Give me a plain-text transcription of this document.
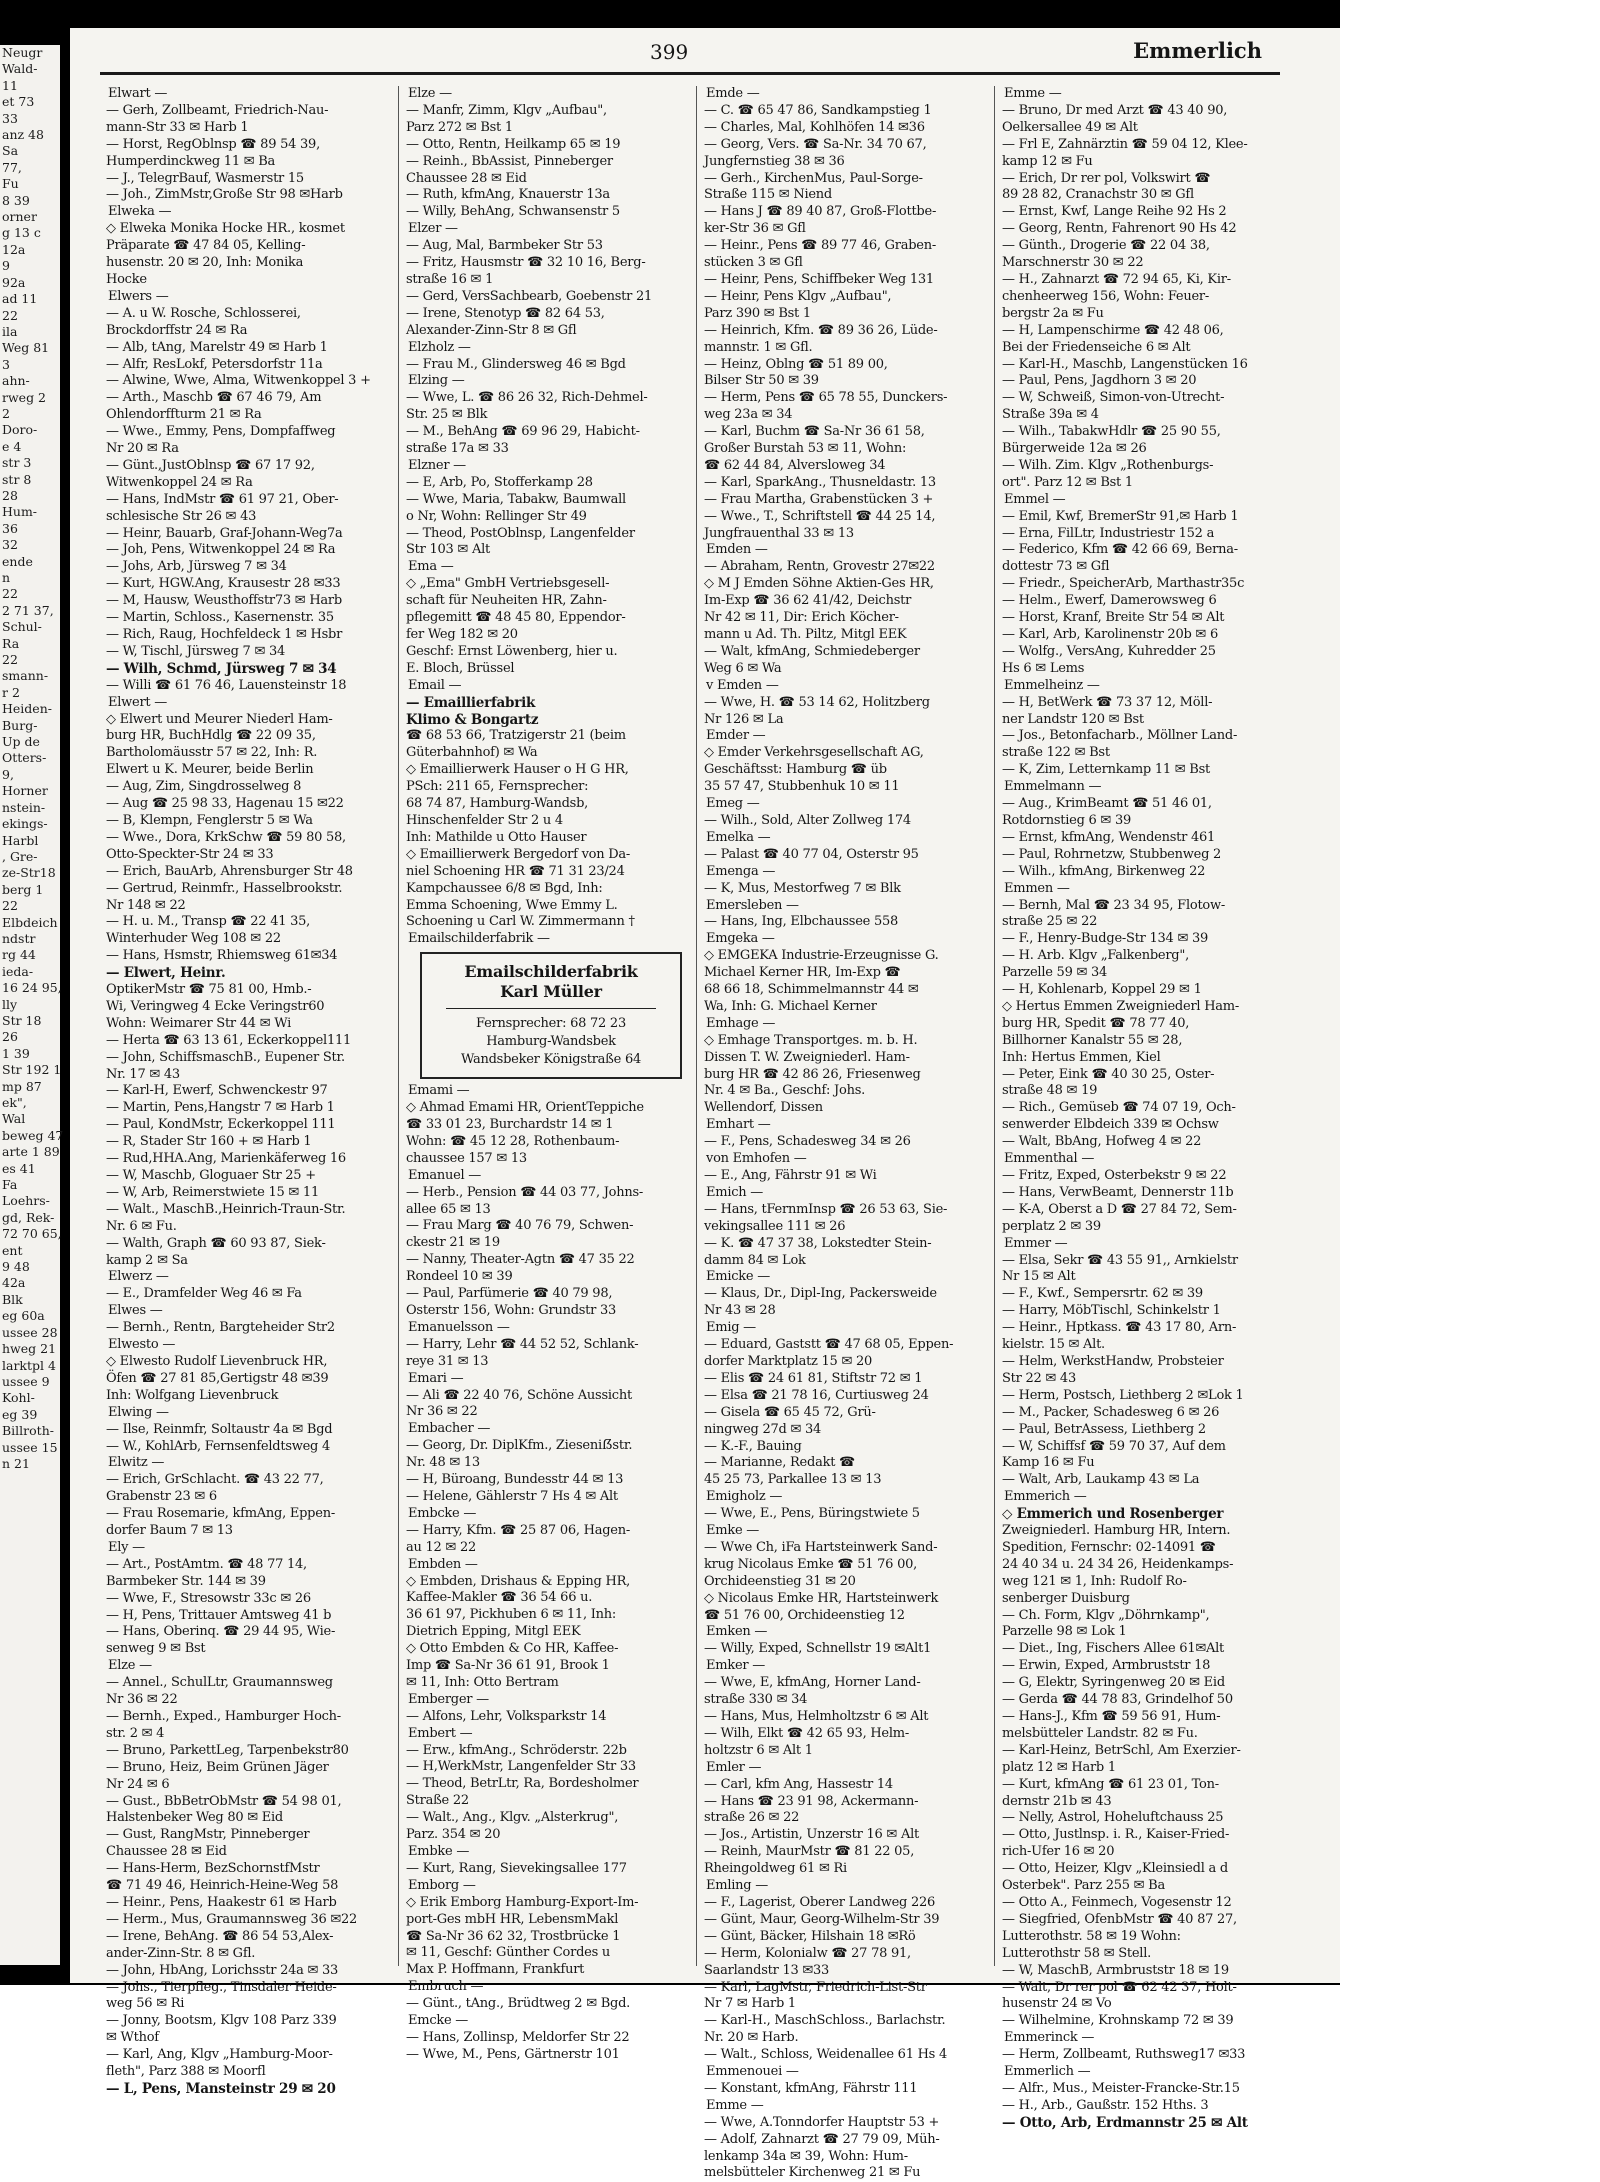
Neugr
Wald-
11
et 73
33
anz 48
Sa
77,
Fu
8 39
orner
g 13 c
12a
9
92a
ad 11
22
ila
Weg 81
3
ahn-
rweg 2
2
Doro-
e 4
str 3
str 8
28
Hum-
36
32
ende
n
22
2 71 37,
Schul-
Ra
22
smann-
r 2
Heiden-
Burg-
Up de
Otters-
9,
Horner
nstein-
ekings-
Harbl
, Gre-
ze-Str18
berg 1
22
Elbdeich
ndstr
rg 44
ieda-
16 24 95,
lly
Str 18
26
1 39
Str 192 1
mp 87
ek",
Wal
beweg 47
arte 1 89
es 41
Fa
Loehrs-
gd, Rek-
72 70 65,
ent
9 48
42a
Blk
eg 60a
ussee 28
hweg 21
larktpl 4
ussee 9
Kohl-
eg 39
Billroth-
ussee 15
n 21
399	Emmerlich
Elwart —
— Gerh, Zollbeamt, Friedrich-Nau-
mann-Str 33 ✉ Harb 1
— Horst, RegOblnsp ☎ 89 54 39,
Humperdinckweg 11 ✉ Ba
— J., TelegrBauf, Wasmerstr 15
— Joh., ZimMstr,Große Str 98 ✉Harb
Elweka —
◇ Elweka Monika Hocke HR., kosmet
Präparate ☎ 47 84 05, Kelling-
husenstr. 20 ✉ 20, Inh: Monika
Hocke
Elwers —
— A. u W. Rosche, Schlosserei,
Brockdorffstr 24 ✉ Ra
— Alb, tAng, Marelstr 49 ✉ Harb 1
— Alfr, ResLokf, Petersdorfstr 11a
— Alwine, Wwe, Alma, Witwenkoppel 3 +
— Arth., Maschb ☎ 67 46 79, Am
Ohlendorffturm 21 ✉ Ra
— Wwe., Emmy, Pens, Dompfaffweg
Nr 20 ✉ Ra
— Günt.,JustOblnsp ☎ 67 17 92,
Witwenkoppel 24 ✉ Ra
— Hans, IndMstr ☎ 61 97 21, Ober-
schlesische Str 26 ✉ 43
— Heinr, Bauarb, Graf-Johann-Weg7a
— Joh, Pens, Witwenkoppel 24 ✉ Ra
— Johs, Arb, Jürsweg 7 ✉ 34
— Kurt, HGW.Ang, Krausestr 28 ✉33
— M, Hausw, Weusthoffstr73 ✉ Harb
— Martin, Schloss., Kasernenstr. 35
— Rich, Raug, Hochfeldeck 1 ✉ Hsbr
— W, Tischl, Jürsweg 7 ✉ 34
— Wilh, Schmd, Jürsweg 7 ✉ 34
— Willi ☎ 61 76 46, Lauensteinstr 18
Elwert —
◇ Elwert und Meurer Niederl Ham-
burg HR, BuchHdlg ☎ 22 09 35,
Bartholomäusstr 57 ✉ 22, Inh: R.
Elwert u K. Meurer, beide Berlin
— Aug, Zim, Singdrosselweg 8
— Aug ☎ 25 98 33, Hagenau 15 ✉22
— B, Klempn, Fenglerstr 5 ✉ Wa
— Wwe., Dora, KrkSchw ☎ 59 80 58,
Otto-Speckter-Str 24 ✉ 33
— Erich, BauArb, Ahrensburger Str 48
— Gertrud, Reinmfr., Hasselbrookstr.
Nr 148 ✉ 22
— H. u. M., Transp ☎ 22 41 35,
Winterhuder Weg 108 ✉ 22
— Hans, Hsmstr, Rhiemsweg 61✉34
— Elwert, Heinr.
OptikerMstr ☎ 75 81 00, Hmb.-
Wi, Veringweg 4 Ecke Veringstr60
Wohn: Weimarer Str 44 ✉ Wi
— Herta ☎ 63 13 61, Eckerkoppel111
— John, SchiffsmaschB., Eupener Str.
Nr. 17 ✉ 43
— Karl-H, Ewerf, Schwenckestr 97
— Martin, Pens,Hangstr 7 ✉ Harb 1
— Paul, KondMstr, Eckerkoppel 111
— R, Stader Str 160 + ✉ Harb 1
— Rud,HHA.Ang, Marienkäferweg 16
— W, Maschb, Gloguaer Str 25 +
— W, Arb, Reimerstwiete 15 ✉ 11
— Walt., MaschB.,Heinrich-Traun-Str.
Nr. 6 ✉ Fu.
— Walth, Graph ☎ 60 93 87, Siek-
kamp 2 ✉ Sa
Elwerz —
— E., Dramfelder Weg 46 ✉ Fa
Elwes —
— Bernh., Rentn, Bargteheider Str2
Elwesto —
◇ Elwesto Rudolf Lievenbruck HR,
Öfen ☎ 27 81 85,Gertigstr 48 ✉39
Inh: Wolfgang Lievenbruck
Elwing —
— Ilse, Reinmfr, Soltaustr 4a ✉ Bgd
— W., KohlArb, Fernsenfeldtsweg 4
Elwitz —
— Erich, GrSchlacht. ☎ 43 22 77,
Grabenstr 23 ✉ 6
— Frau Rosemarie, kfmAng, Eppen-
dorfer Baum 7 ✉ 13
Ely —
— Art., PostAmtm. ☎ 48 77 14,
Barmbeker Str. 144 ✉ 39
— Wwe, F., Stresowstr 33c ✉ 26
— H, Pens, Trittauer Amtsweg 41 b
— Hans, Oberinq. ☎ 29 44 95, Wie-
senweg 9 ✉ Bst
Elze —
— Annel., SchulLtr, Graumannsweg
Nr 36 ✉ 22
— Bernh., Exped., Hamburger Hoch-
str. 2 ✉ 4
— Bruno, ParkettLeg, Tarpenbekstr80
— Bruno, Heiz, Beim Grünen Jäger
Nr 24 ✉ 6
— Gust., BbBetrObMstr ☎ 54 98 01,
Halstenbeker Weg 80 ✉ Eid
— Gust, RangMstr, Pinneberger
Chaussee 28 ✉ Eid
— Hans-Herm, BezSchornstfMstr
☎ 71 49 46, Heinrich-Heine-Weg 58
— Heinr., Pens, Haakestr 61 ✉ Harb
— Herm., Mus, Graumannsweg 36 ✉22
— Irene, BehAng. ☎ 86 54 53,Alex-
ander-Zinn-Str. 8 ✉ Gfl.
— John, HbAng, Lorichsstr 24a ✉ 33
— Johs., Tierpfleg., Tinsdaler Heide-
weg 56 ✉ Ri
— Jonny, Bootsm, Klgv 108 Parz 339
✉ Wthof
— Karl, Ang, Klgv „Hamburg-Moor-
fleth", Parz 388 ✉ Moorfl
— L, Pens, Mansteinstr 29 ✉ 20
Elze —
— Manfr, Zimm, Klgv „Aufbau",
Parz 272 ✉ Bst 1
— Otto, Rentn, Heilkamp 65 ✉ 19
— Reinh., BbAssist, Pinneberger
Chaussee 28 ✉ Eid
— Ruth, kfmAng, Knauerstr 13a
— Willy, BehAng, Schwansenstr 5
Elzer —
— Aug, Mal, Barmbeker Str 53
— Fritz, Hausmstr ☎ 32 10 16, Berg-
straße 16 ✉ 1
— Gerd, VersSachbearb, Goebenstr 21
— Irene, Stenotyp ☎ 82 64 53,
Alexander-Zinn-Str 8 ✉ Gfl
Elzholz —
— Frau M., Glindersweg 46 ✉ Bgd
Elzing —
— Wwe, L. ☎ 86 26 32, Rich-Dehmel-
Str. 25 ✉ Blk
— M., BehAng ☎ 69 96 29, Habicht-
straße 17a ✉ 33
Elzner —
— E, Arb, Po, Stofferkamp 28
— Wwe, Maria, Tabakw, Baumwall
o Nr, Wohn: Rellinger Str 49
— Theod, PostOblnsp, Langenfelder
Str 103 ✉ Alt
Ema —
◇ „Ema" GmbH Vertriebsgesell-
schaft für Neuheiten HR, Zahn-
pflegemitt ☎ 48 45 80, Eppendor-
fer Weg 182 ✉ 20
Geschf: Ernst Löwenberg, hier u.
E. Bloch, Brüssel
Email —
— Emaillierfabrik
Klimo & Bongartz
☎ 68 53 66, Tratzigerstr 21 (beim
Güterbahnhof) ✉ Wa
◇ Emaillierwerk Hauser o H G HR,
PSch: 211 65, Fernsprecher:
68 74 87, Hamburg-Wandsb,
Hinschenfelder Str 2 u 4
Inh: Mathilde u Otto Hauser
◇ Emaillierwerk Bergedorf von Da-
niel Schoening HR ☎ 71 31 23/24
Kampchaussee 6/8 ✉ Bgd, Inh:
Emma Schoening, Wwe Emmy L.
Schoening u Carl W. Zimmermann †
Emailschilderfabrik —
Emailschilderfabrik
Karl Müller
Fernsprecher: 68 72 23
Hamburg-Wandsbek
Wandsbeker Königstraße 64
Emami —
◇ Ahmad Emami HR, OrientTeppiche
☎ 33 01 23, Burchardstr 14 ✉ 1
Wohn: ☎ 45 12 28, Rothenbaum-
chaussee 157 ✉ 13
Emanuel —
— Herb., Pension ☎ 44 03 77, Johns-
allee 65 ✉ 13
— Frau Marg ☎ 40 76 79, Schwen-
ckestr 21 ✉ 19
— Nanny, Theater-Agtn ☎ 47 35 22
Rondeel 10 ✉ 39
— Paul, Parfümerie ☎ 40 79 98,
Osterstr 156, Wohn: Grundstr 33
Emanuelsson —
— Harry, Lehr ☎ 44 52 52, Schlank-
reye 31 ✉ 13
Emari —
— Ali ☎ 22 40 76, Schöne Aussicht
Nr 36 ✉ 22
Embacher —
— Georg, Dr. DiplKfm., Zieseniẞstr.
Nr. 48 ✉ 13
— H, Büroang, Bundesstr 44 ✉ 13
— Helene, Gählerstr 7 Hs 4 ✉ Alt
Embcke —
— Harry, Kfm. ☎ 25 87 06, Hagen-
au 12 ✉ 22
Embden —
◇ Embden, Drishaus & Epping HR,
Kaffee-Makler ☎ 36 54 66 u.
36 61 97, Pickhuben 6 ✉ 11, Inh:
Dietrich Epping, Mitgl EEK
◇ Otto Embden & Co HR, Kaffee-
Imp ☎ Sa-Nr 36 61 91, Brook 1
✉ 11, Inh: Otto Bertram
Emberger —
— Alfons, Lehr, Volksparkstr 14
Embert —
— Erw., kfmAng., Schröderstr. 22b
— H,WerkMstr, Langenfelder Str 33
— Theod, BetrLtr, Ra, Bordesholmer
Straße 22
— Walt., Ang., Klgv. „Alsterkrug",
Parz. 354 ✉ 20
Embke —
— Kurt, Rang, Sievekingsallee 177
Emborg —
◇ Erik Emborg Hamburg-Export-Im-
port-Ges mbH HR, LebensmMakl
☎ Sa-Nr 36 62 32, Trostbrücke 1
✉ 11, Geschf: Günther Cordes u
Max P. Hoffmann, Frankfurt
Embruch —
— Günt., tAng., Brüdtweg 2 ✉ Bgd.
Emcke —
— Hans, Zollinsp, Meldorfer Str 22
— Wwe, M., Pens, Gärtnerstr 101
Emde —
— C. ☎ 65 47 86, Sandkampstieg 1
— Charles, Mal, Kohlhöfen 14 ✉36
— Georg, Vers. ☎ Sa-Nr. 34 70 67,
Jungfernstieg 38 ✉ 36
— Gerh., KirchenMus, Paul-Sorge-
Straße 115 ✉ Niend
— Hans J ☎ 89 40 87, Groß-Flottbe-
ker-Str 36 ✉ Gfl
— Heinr., Pens ☎ 89 77 46, Graben-
stücken 3 ✉ Gfl
— Heinr, Pens, Schiffbeker Weg 131
— Heinr, Pens Klgv „Aufbau",
Parz 390 ✉ Bst 1
— Heinrich, Kfm. ☎ 89 36 26, Lüde-
mannstr. 1 ✉ Gfl.
— Heinz, Oblng ☎ 51 89 00,
Bilser Str 50 ✉ 39
— Herm, Pens ☎ 65 78 55, Dunckers-
weg 23a ✉ 34
— Karl, Buchm ☎ Sa-Nr 36 61 58,
Großer Burstah 53 ✉ 11, Wohn:
☎ 62 44 84, Alversloweg 34
— Karl, SparkAng., Thusneldastr. 13
— Frau Martha, Grabenstücken 3 +
— Wwe., T., Schriftstell ☎ 44 25 14,
Jungfrauenthal 33 ✉ 13
Emden —
— Abraham, Rentn, Grovestr 27✉22
◇ M J Emden Söhne Aktien-Ges HR,
Im-Exp ☎ 36 62 41/42, Deichstr
Nr 42 ✉ 11, Dir: Erich Köcher-
mann u Ad. Th. Piltz, Mitgl EEK
— Walt, kfmAng, Schmiedeberger
Weg 6 ✉ Wa
v Emden —
— Wwe, H. ☎ 53 14 62, Holitzberg
Nr 126 ✉ La
Emder —
◇ Emder Verkehrsgesellschaft AG,
Geschäftsst: Hamburg ☎ üb
35 57 47, Stubbenhuk 10 ✉ 11
Emeg —
— Wilh., Sold, Alter Zollweg 174
Emelka —
— Palast ☎ 40 77 04, Osterstr 95
Emenga —
— K, Mus, Mestorfweg 7 ✉ Blk
Emersleben —
— Hans, Ing, Elbchaussee 558
Emgeka —
◇ EMGEKA Industrie-Erzeugnisse G.
Michael Kerner HR, Im-Exp ☎
68 66 18, Schimmelmannstr 44 ✉
Wa, Inh: G. Michael Kerner
Emhage —
◇ Emhage Transportges. m. b. H.
Dissen T. W. Zweigniederl. Ham-
burg HR ☎ 42 86 26, Friesenweg
Nr. 4 ✉ Ba., Geschf: Johs.
Wellendorf, Dissen
Emhart —
— F., Pens, Schadesweg 34 ✉ 26
von Emhofen —
— E., Ang, Fährstr 91 ✉ Wi
Emich —
— Hans, tFernmInsp ☎ 26 53 63, Sie-
vekingsallee 111 ✉ 26
— K. ☎ 47 37 38, Lokstedter Stein-
damm 84 ✉ Lok
Emicke —
— Klaus, Dr., Dipl-Ing, Packersweide
Nr 43 ✉ 28
Emig —
— Eduard, Gaststt ☎ 47 68 05, Eppen-
dorfer Marktplatz 15 ✉ 20
— Elis ☎ 24 61 81, Stiftstr 72 ✉ 1
— Elsa ☎ 21 78 16, Curtiusweg 24
— Gisela ☎ 65 45 72, Grü-
ningweg 27d ✉ 34
— K.-F., Bauing
— Marianne, Redakt ☎
45 25 73, Parkallee 13 ✉ 13
Emigholz —
— Wwe, E., Pens, Büringstwiete 5
Emke —
— Wwe Ch, iFa Hartsteinwerk Sand-
krug Nicolaus Emke ☎ 51 76 00,
Orchideenstieg 31 ✉ 20
◇ Nicolaus Emke HR, Hartsteinwerk
☎ 51 76 00, Orchideenstieg 12
Emken —
— Willy, Exped, Schnellstr 19 ✉Alt1
Emker —
— Wwe, E, kfmAng, Horner Land-
straße 330 ✉ 34
— Hans, Mus, Helmholtzstr 6 ✉ Alt
— Wilh, Elkt ☎ 42 65 93, Helm-
holtzstr 6 ✉ Alt 1
Emler —
— Carl, kfm Ang, Hassestr 14
— Hans ☎ 23 91 98, Ackermann-
straße 26 ✉ 22
— Jos., Artistin, Unzerstr 16 ✉ Alt
— Reinh, MaurMstr ☎ 81 22 05,
Rheingoldweg 61 ✉ Ri
Emling —
— F., Lagerist, Oberer Landweg 226
— Günt, Maur, Georg-Wilhelm-Str 39
— Günt, Bäcker, Hilshain 18 ✉Rö
— Herm, Kolonialw ☎ 27 78 91,
Saarlandstr 13 ✉33
— Karl, LagMstr, Friedrich-List-Str
Nr 7 ✉ Harb 1
— Karl-H., MaschSchloss., Barlachstr.
Nr. 20 ✉ Harb.
— Walt., Schloss, Weidenallee 61 Hs 4
Emmenouei —
— Konstant, kfmAng, Fährstr 111
Emme —
— Wwe, A.Tonndorfer Hauptstr 53 +
— Adolf, Zahnarzt ☎ 27 79 09, Müh-
lenkamp 34a ✉ 39, Wohn: Hum-
melsbütteler Kirchenweg 21 ✉ Fu
Emme —
— Bruno, Dr med Arzt ☎ 43 40 90,
Oelkersallee 49 ✉ Alt
— Frl E, Zahnärztin ☎ 59 04 12, Klee-
kamp 12 ✉ Fu
— Erich, Dr rer pol, Volkswirt ☎
89 28 82, Cranachstr 30 ✉ Gfl
— Ernst, Kwf, Lange Reihe 92 Hs 2
— Georg, Rentn, Fahrenort 90 Hs 42
— Günth., Drogerie ☎ 22 04 38,
Marschnerstr 30 ✉ 22
— H., Zahnarzt ☎ 72 94 65, Ki, Kir-
chenheerweg 156, Wohn: Feuer-
bergstr 2a ✉ Fu
— H, Lampenschirme ☎ 42 48 06,
Bei der Friedenseiche 6 ✉ Alt
— Karl-H., Maschb, Langenstücken 16
— Paul, Pens, Jagdhorn 3 ✉ 20
— W, Schweiß, Simon-von-Utrecht-
Straße 39a ✉ 4
— Wilh., TabakwHdlr ☎ 25 90 55,
Bürgerweide 12a ✉ 26
— Wilh. Zim. Klgv „Rothenburgs-
ort". Parz 12 ✉ Bst 1
Emmel —
— Emil, Kwf, BremerStr 91,✉ Harb 1
— Erna, FilLtr, Industriestr 152 a
— Federico, Kfm ☎ 42 66 69, Berna-
dottestr 73 ✉ Gfl
— Friedr., SpeicherArb, Marthastr35c
— Helm., Ewerf, Damerowsweg 6
— Horst, Kranf, Breite Str 54 ✉ Alt
— Karl, Arb, Karolinenstr 20b ✉ 6
— Wolfg., VersAng, Kuhredder 25
Hs 6 ✉ Lems
Emmelheinz —
— H, BetWerk ☎ 73 37 12, Möll-
ner Landstr 120 ✉ Bst
— Jos., Betonfacharb., Möllner Land-
straße 122 ✉ Bst
— K, Zim, Letternkamp 11 ✉ Bst
Emmelmann —
— Aug., KrimBeamt ☎ 51 46 01,
Rotdornstieg 6 ✉ 39
— Ernst, kfmAng, Wendenstr 461
— Paul, Rohrnetzw, Stubbenweg 2
— Wilh., kfmAng, Birkenweg 22
Emmen —
— Bernh, Mal ☎ 23 34 95, Flotow-
straße 25 ✉ 22
— F., Henry-Budge-Str 134 ✉ 39
— H. Arb. Klgv „Falkenberg",
Parzelle 59 ✉ 34
— H, Kohlenarb, Koppel 29 ✉ 1
◇ Hertus Emmen Zweigniederl Ham-
burg HR, Spedit ☎ 78 77 40,
Billhorner Kanalstr 55 ✉ 28,
Inh: Hertus Emmen, Kiel
— Peter, Eink ☎ 40 30 25, Oster-
straße 48 ✉ 19
— Rich., Gemüseb ☎ 74 07 19, Och-
senwerder Elbdeich 339 ✉ Ochsw
— Walt, BbAng, Hofweg 4 ✉ 22
Emmenthal —
— Fritz, Exped, Osterbekstr 9 ✉ 22
— Hans, VerwBeamt, Dennerstr 11b
— K-A, Oberst a D ☎ 27 84 72, Sem-
perplatz 2 ✉ 39
Emmer —
— Elsa, Sekr ☎ 43 55 91,, Arnkielstr
Nr 15 ✉ Alt
— F., Kwf., Sempersrtr. 62 ✉ 39
— Harry, MöbTischl, Schinkelstr 1
— Heinr., Hptkass. ☎ 43 17 80, Arn-
kielstr. 15 ✉ Alt.
— Helm, WerkstHandw, Probsteier
Str 22 ✉ 43
— Herm, Postsch, Liethberg 2 ✉Lok 1
— M., Packer, Schadesweg 6 ✉ 26
— Paul, BetrAssess, Liethberg 2
— W, Schiffsf ☎ 59 70 37, Auf dem
Kamp 16 ✉ Fu
— Walt, Arb, Laukamp 43 ✉ La
Emmerich —
◇ Emmerich und Rosenberger
Zweigniederl. Hamburg HR, Intern.
Spedition, Fernschr: 02-14091 ☎
24 40 34 u. 24 34 26, Heidenkamps-
weg 121 ✉ 1, Inh: Rudolf Ro-
senberger Duisburg
— Ch. Form, Klgv „Döhrnkamp",
Parzelle 98 ✉ Lok 1
— Diet., Ing, Fischers Allee 61✉Alt
— Erwin, Exped, Armbruststr 18
— G, Elektr, Syringenweg 20 ✉ Eid
— Gerda ☎ 44 78 83, Grindelhof 50
— Hans-J., Kfm ☎ 59 56 91, Hum-
melsbütteler Landstr. 82 ✉ Fu.
— Karl-Heinz, BetrSchl, Am Exerzier-
platz 12 ✉ Harb 1
— Kurt, kfmAng ☎ 61 23 01, Ton-
dernstr 21b ✉ 43
— Nelly, Astrol, Hoheluftchauss 25
— Otto, Justlnsp. i. R., Kaiser-Fried-
rich-Ufer 16 ✉ 20
— Otto, Heizer, Klgv „Kleinsiedl a d
Osterbek". Parz 255 ✉ Ba
— Otto A., Feinmech, Vogesenstr 12
— Siegfried, OfenbMstr ☎ 40 87 27,
Lutterothstr. 58 ✉ 19 Wohn:
Lutterothstr 58 ✉ Stell.
— W, MaschB, Armbruststr 18 ✉ 19
— Walt, Dr rer pol ☎ 62 42 37, Holt-
husenstr 24 ✉ Vo
— Wilhelmine, Krohnskamp 72 ✉ 39
Emmerinck —
— Herm, Zollbeamt, Ruthsweg17 ✉33
Emmerlich —
— Alfr., Mus., Meister-Francke-Str.15
— H., Arb., Gaußstr. 152 Hths. 3
— Otto, Arb, Erdmannstr 25 ✉ Alt
